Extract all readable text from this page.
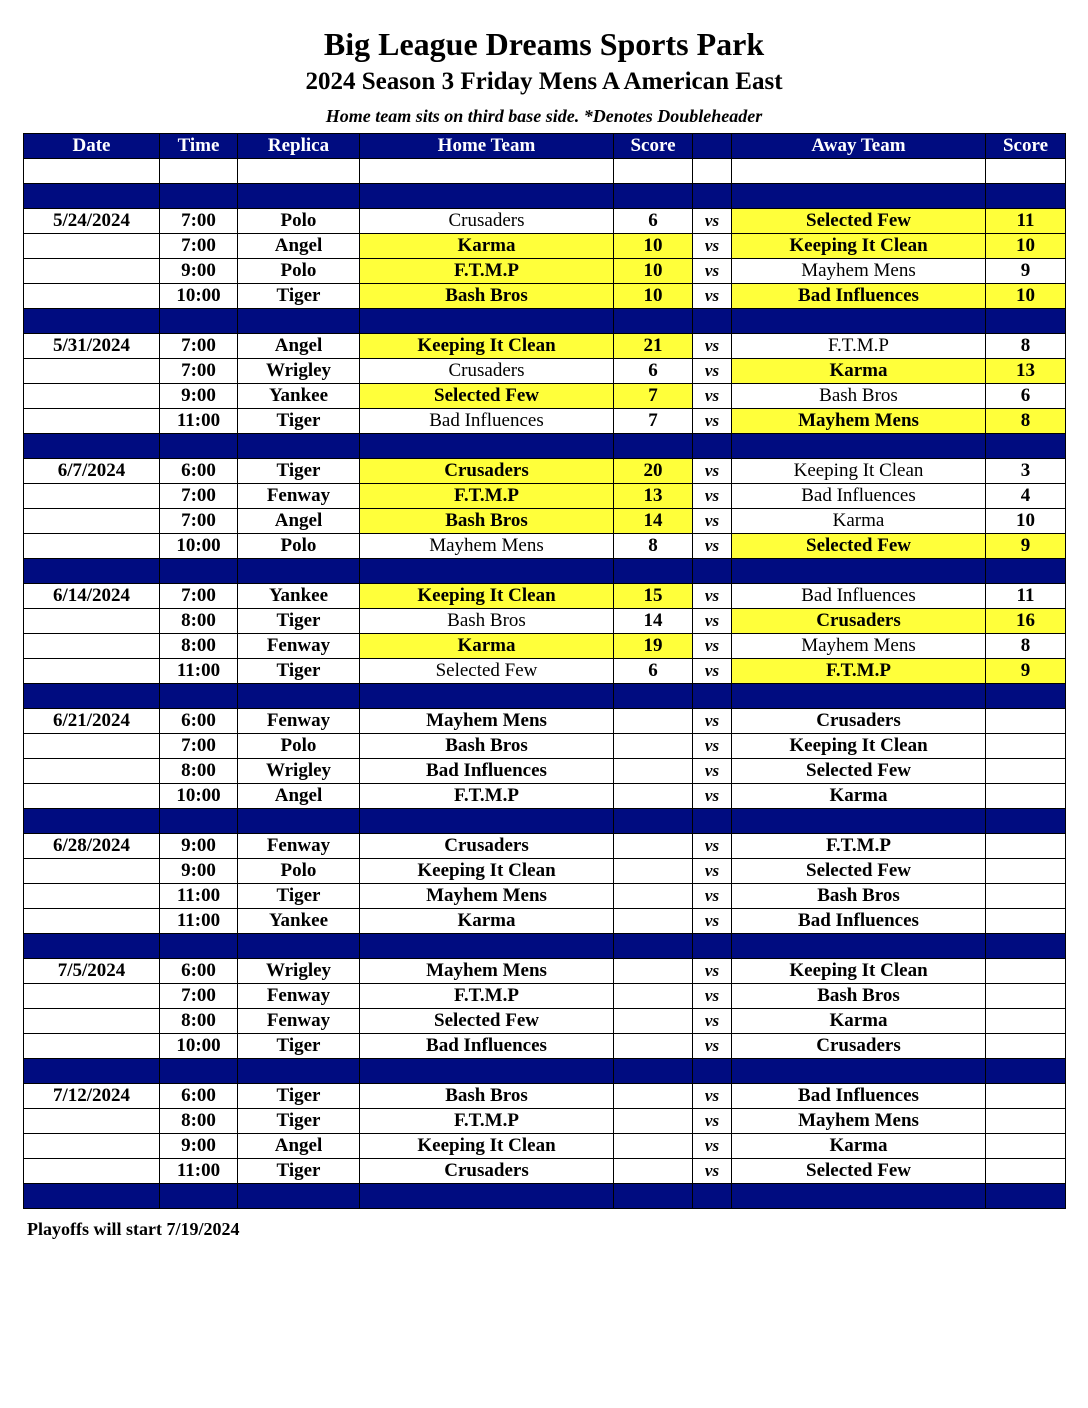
Big League Dreams Sports Park
2024 Season 3 Friday Mens A American East
Home team sits on third base side. *Denotes Doubleheader
Date	Time	Replica	Home Team	Score		Away Team	Score

5/24/2024	7:00	Polo	Crusaders	6	vs	Selected Few	11
	7:00	Angel	Karma	10	vs	Keeping It Clean	10
	9:00	Polo	F.T.M.P	10	vs	Mayhem Mens	9
	10:00	Tiger	Bash Bros	10	vs	Bad Influences	10

5/31/2024	7:00	Angel	Keeping It Clean	21	vs	F.T.M.P	8
	7:00	Wrigley	Crusaders	6	vs	Karma	13
	9:00	Yankee	Selected Few	7	vs	Bash Bros	6
	11:00	Tiger	Bad Influences	7	vs	Mayhem Mens	8

6/7/2024	6:00	Tiger	Crusaders	20	vs	Keeping It Clean	3
	7:00	Fenway	F.T.M.P	13	vs	Bad Influences	4
	7:00	Angel	Bash Bros	14	vs	Karma	10
	10:00	Polo	Mayhem Mens	8	vs	Selected Few	9

6/14/2024	7:00	Yankee	Keeping It Clean	15	vs	Bad Influences	11
	8:00	Tiger	Bash Bros	14	vs	Crusaders	16
	8:00	Fenway	Karma	19	vs	Mayhem Mens	8
	11:00	Tiger	Selected Few	6	vs	F.T.M.P	9

6/21/2024	6:00	Fenway	Mayhem Mens		vs	Crusaders	
	7:00	Polo	Bash Bros		vs	Keeping It Clean	
	8:00	Wrigley	Bad Influences		vs	Selected Few	
	10:00	Angel	F.T.M.P		vs	Karma	

6/28/2024	9:00	Fenway	Crusaders		vs	F.T.M.P	
	9:00	Polo	Keeping It Clean		vs	Selected Few	
	11:00	Tiger	Mayhem Mens		vs	Bash Bros	
	11:00	Yankee	Karma		vs	Bad Influences	

7/5/2024	6:00	Wrigley	Mayhem Mens		vs	Keeping It Clean	
	7:00	Fenway	F.T.M.P		vs	Bash Bros	
	8:00	Fenway	Selected Few		vs	Karma	
	10:00	Tiger	Bad Influences		vs	Crusaders	

7/12/2024	6:00	Tiger	Bash Bros		vs	Bad Influences	
	8:00	Tiger	F.T.M.P		vs	Mayhem Mens	
	9:00	Angel	Keeping It Clean		vs	Karma	
	11:00	Tiger	Crusaders		vs	Selected Few	

Playoffs will start 7/19/2024
